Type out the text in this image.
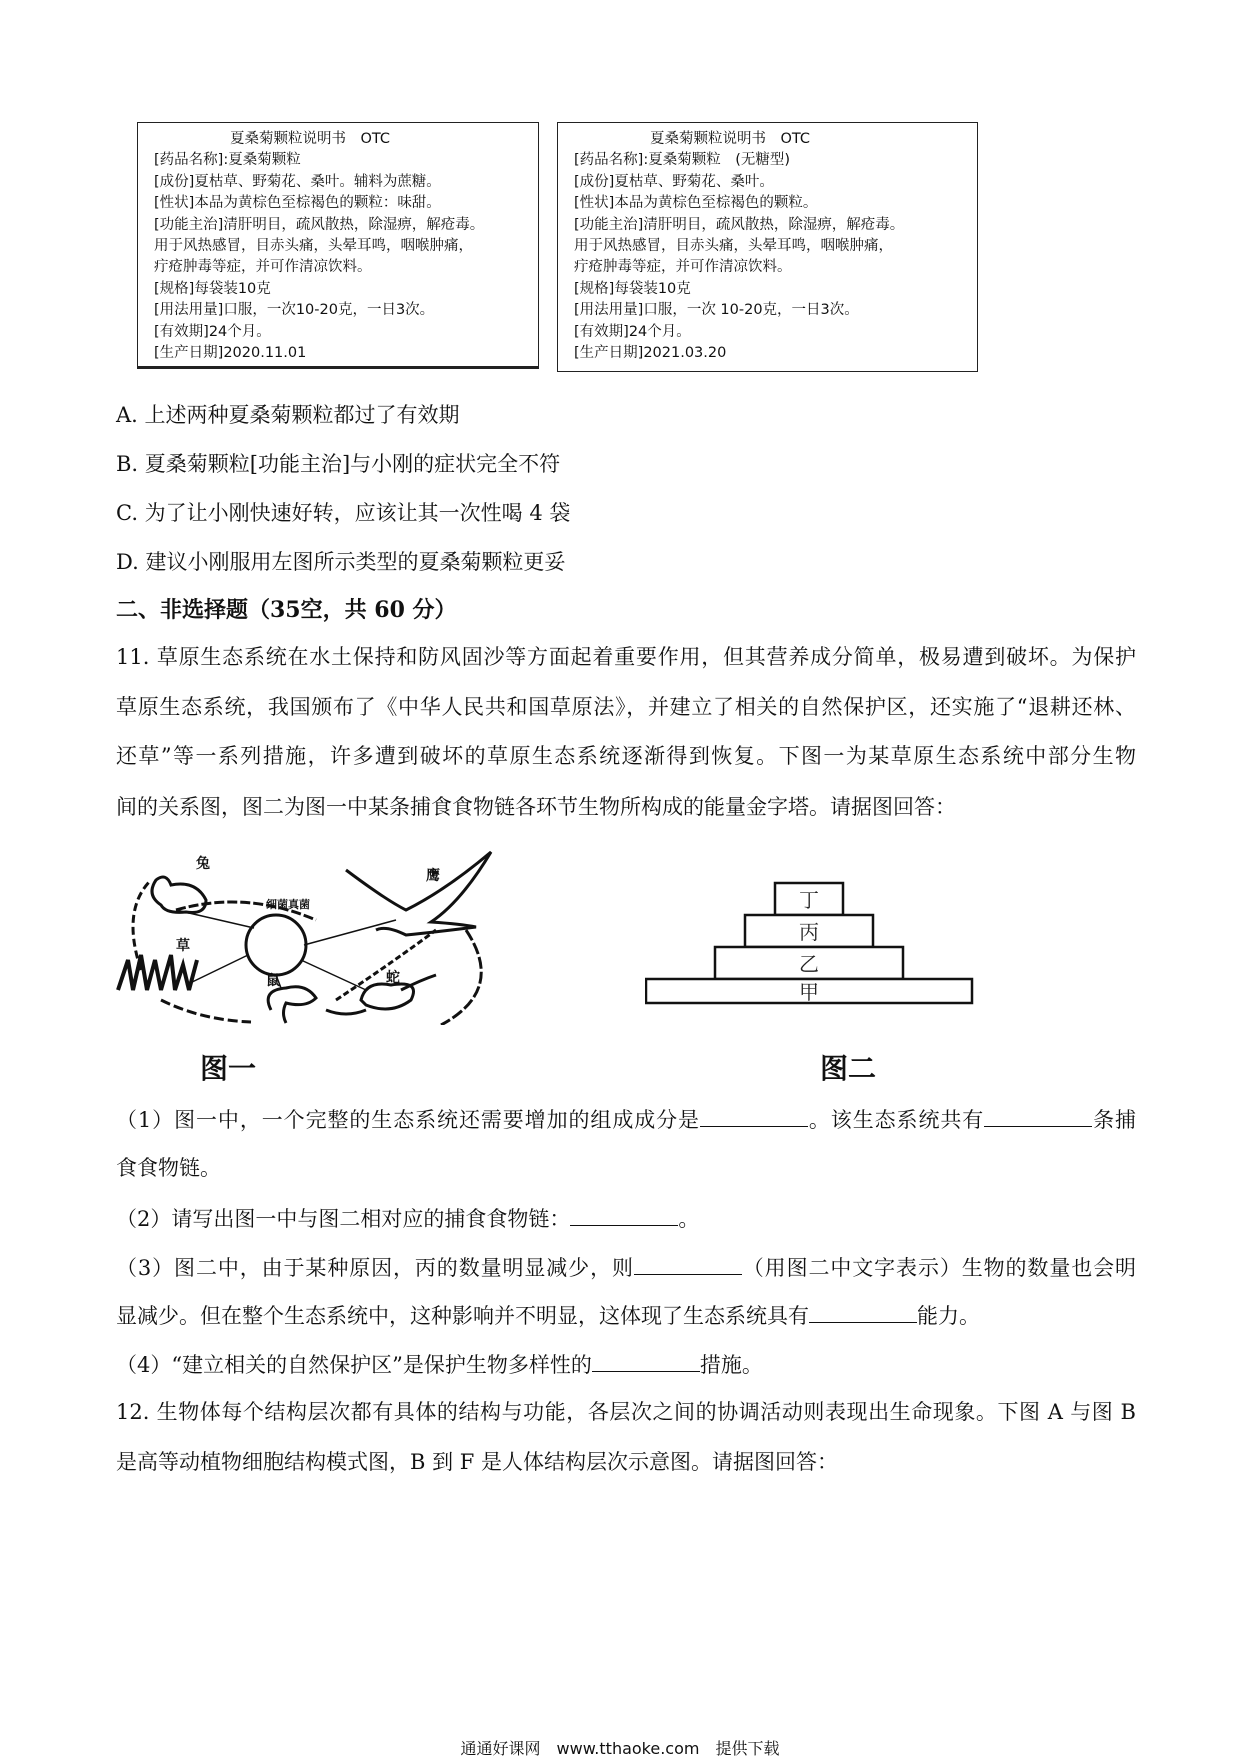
夏桑菊颗粒说明书　OTC
[药品名称]:夏桑菊颗粒
[成份]夏枯草、野菊花、桑叶。辅料为蔗糖。
[性状]本品为黄棕色至棕褐色的颗粒：味甜。
[功能主治]清肝明目，疏风散热，除湿痹，解疮毒。
用于风热感冒，目赤头痛，头晕耳鸣，咽喉肿痛，
疔疮肿毒等症，并可作清凉饮料。
[规格]每袋装10克
[用法用量]口服，一次10-20克，一日3次。
[有效期]24个月。
[生产日期]2020.11.01
夏桑菊颗粒说明书　OTC
[药品名称]:夏桑菊颗粒　(无糖型)
[成份]夏枯草、野菊花、桑叶。
[性状]本品为黄棕色至棕褐色的颗粒。
[功能主治]清肝明目，疏风散热，除湿痹，解疮毒。
用于风热感冒，目赤头痛，头晕耳鸣，咽喉肿痛，
疔疮肿毒等症，并可作清凉饮料。
[规格]每袋装10克
[用法用量]口服，一次 10-20克，一日3次。
[有效期]24个月。
[生产日期]2021.03.20
A. 上述两种夏桑菊颗粒都过了有效期
B. 夏桑菊颗粒[功能主治]与小刚的症状完全不符
C. 为了让小刚快速好转，应该让其一次性喝 4 袋
D. 建议小刚服用左图所示类型的夏桑菊颗粒更妥
二、非选择题（35空，共 60 分）
11. 草原生态系统在水土保持和防风固沙等方面起着重要作用，但其营养成分简单，极易遭到破坏。为保护
草原生态系统，我国颁布了《中华人民共和国草原法》，并建立了相关的自然保护区，还实施了“退耕还林、
还草”等一系列措施，许多遭到破坏的草原生态系统逐渐得到恢复。下图一为某草原生态系统中部分生物
间的关系图，图二为图一中某条捕食食物链各环节生物所构成的能量金字塔。请据图回答：
兔
鹰
草
鼠	蛇
细菌真菌	丁
丙
乙
甲
图一	图二
（1）图一中，一个完整的生态系统还需要增加的组成成分是	。该生态系统共有	条捕
食食物链。
（2）请写出图一中与图二相对应的捕食食物链：	。
（3）图二中，由于某种原因，丙的数量明显减少，则	（用图二中文字表示）生物的数量也会明
显减少。但在整个生态系统中，这种影响并不明显，这体现了生态系统具有	能力。
（4）“建立相关的自然保护区”是保护生物多样性的	措施。
12. 生物体每个结构层次都有具体的结构与功能，各层次之间的协调活动则表现出生命现象。下图 A 与图 B
是高等动植物细胞结构模式图，B 到 F 是人体结构层次示意图。请据图回答：
通通好课网　www.tthaoke.com　提供下载
